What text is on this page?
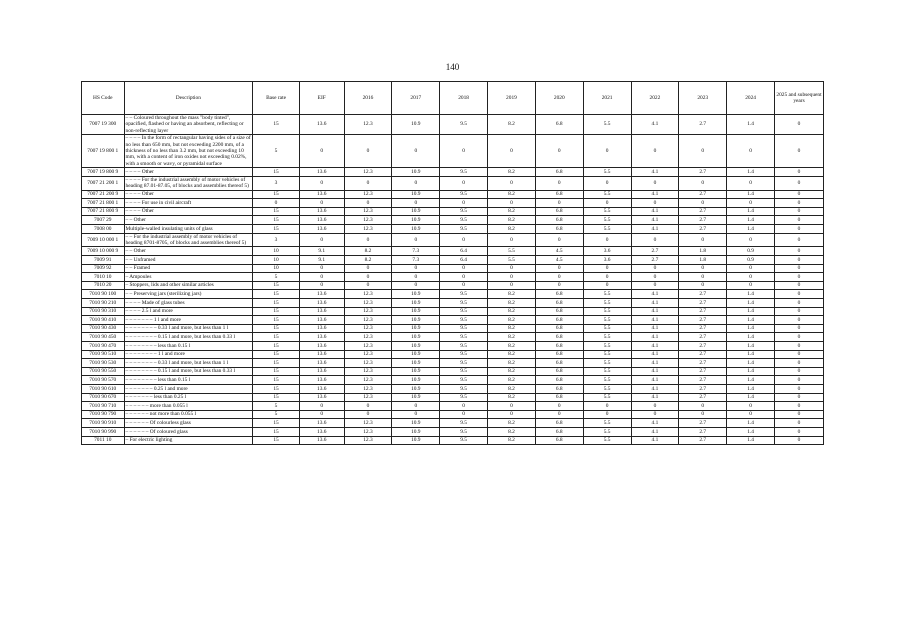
140
HS Code	Description	Base rate	EIF	2016	2017	2018	2019	2020	2021	2022	2023	2024	2025 and subsequent years
7007 19 300	– – Coloured throughout the mass "body tinted", opacified, flashed or having an absorbent, reflecting or non-reflecting layer	15	13.6	12.3	10.9	9.5	8.2	6.8	5.5	4.1	2.7	1.4	0
7007 19 800 1	– – – – In the form of rectangular having sides of a size of no less than 650 mm, but not exceeding 2200 mm, of a thickness of no less than 3.2 mm, but not exceeding 10 mm, with a content of iron oxides not exceeding 0.02%, with a smooth or wavy, or pyramidal surface	5	0	0	0	0	0	0	0	0	0	0	0
7007 19 800 9	– – – – Other	15	13.6	12.3	10.9	9.5	8.2	6.8	5.5	4.1	2.7	1.4	0
7007 21 200 1	– – – – For the industrial assembly of motor vehicles of heading 87.01-87.05, of blocks and assemblies thereof 5)	3	0	0	0	0	0	0	0	0	0	0	0
7007 21 200 9	– – – – Other	15	13.6	12.3	10.9	9.5	8.2	6.8	5.5	4.1	2.7	1.4	0
7007 21 800 1	– – – – For use in civil aircraft	0	0	0	0	0	0	0	0	0	0	0	0
7007 21 800 9	– – – – Other	15	13.6	12.3	10.9	9.5	8.2	6.8	5.5	4.1	2.7	1.4	0
7007 29	– – Other	15	13.6	12.3	10.9	9.5	8.2	6.8	5.5	4.1	2.7	1.4	0
7008 00	Multiple-walled insulating units of glass	15	13.6	12.3	10.9	9.5	8.2	6.8	5.5	4.1	2.7	1.4	0
7009 10 000 1	– – For the industrial assembly of motor vehicles of heading 8701-8705, of blocks and assemblies thereof 5)	3	0	0	0	0	0	0	0	0	0	0	0
7009 10 000 9	– – Other	10	9.1	8.2	7.3	6.4	5.5	4.5	3.6	2.7	1.8	0.9	0
7009 91	– – Unframed	10	9.1	8.2	7.3	6.4	5.5	4.5	3.6	2.7	1.8	0.9	0
7009 92	– – Framed	10	0	0	0	0	0	0	0	0	0	0	0
7010 10	– Ampoules	5	0	0	0	0	0	0	0	0	0	0	0
7010 20	– Stoppers, lids and other similar articles	15	0	0	0	0	0	0	0	0	0	0	0
7010 90 100	– – Preserving jars (sterilizing jars)	15	13.6	12.3	10.9	9.5	8.2	6.8	5.5	4.1	2.7	1.4	0
7010 90 210	– – – – Made of glass tubes	15	13.6	12.3	10.9	9.5	8.2	6.8	5.5	4.1	2.7	1.4	0
7010 90 310	– – – – 2.5 l and more	15	13.6	12.3	10.9	9.5	8.2	6.8	5.5	4.1	2.7	1.4	0
7010 90 410	– – – – – – – 1 l and more	15	13.6	12.3	10.9	9.5	8.2	6.8	5.5	4.1	2.7	1.4	0
7010 90 430	– – – – – – – – 0.33 l and more, but less than 1 l	15	13.6	12.3	10.9	9.5	8.2	6.8	5.5	4.1	2.7	1.4	0
7010 90 450	– – – – – – – – 0.15 l and more, but less than 0.33 l	15	13.6	12.3	10.9	9.5	8.2	6.8	5.5	4.1	2.7	1.4	0
7010 90 470	– – – – – – – – less than 0.15 l	15	13.6	12.3	10.9	9.5	8.2	6.8	5.5	4.1	2.7	1.4	0
7010 90 510	– – – – – – – – 1 l and more	15	13.6	12.3	10.9	9.5	8.2	6.8	5.5	4.1	2.7	1.4	0
7010 90 530	– – – – – – – – 0.33 l and more, but less than 1 l	15	13.6	12.3	10.9	9.5	8.2	6.8	5.5	4.1	2.7	1.4	0
7010 90 550	– – – – – – – – 0.15 l and more, but less than 0.33 l	15	13.6	12.3	10.9	9.5	8.2	6.8	5.5	4.1	2.7	1.4	0
7010 90 570	– – – – – – – – less than 0.15 l	15	13.6	12.3	10.9	9.5	8.2	6.8	5.5	4.1	2.7	1.4	0
7010 90 610	– – – – – – – 0.25 l and more	15	13.6	12.3	10.9	9.5	8.2	6.8	5.5	4.1	2.7	1.4	0
7010 90 670	– – – – – – – less than 0.25 l	15	13.6	12.3	10.9	9.5	8.2	6.8	5.5	4.1	2.7	1.4	0
7010 90 710	– – – – – – more than 0.055 l	5	0	0	0	0	0	0	0	0	0	0	0
7010 90 790	– – – – – – not more than 0.055 l	5	0	0	0	0	0	0	0	0	0	0	0
7010 90 910	– – – – – – Of colourless glass	15	13.6	12.3	10.9	9.5	8.2	6.8	5.5	4.1	2.7	1.4	0
7010 90 990	– – – – – – Of coloured glass	15	13.6	12.3	10.9	9.5	8.2	6.8	5.5	4.1	2.7	1.4	0
7011 10	– For electric lighting	15	13.6	12.3	10.9	9.5	8.2	6.8	5.5	4.1	2.7	1.4	0
